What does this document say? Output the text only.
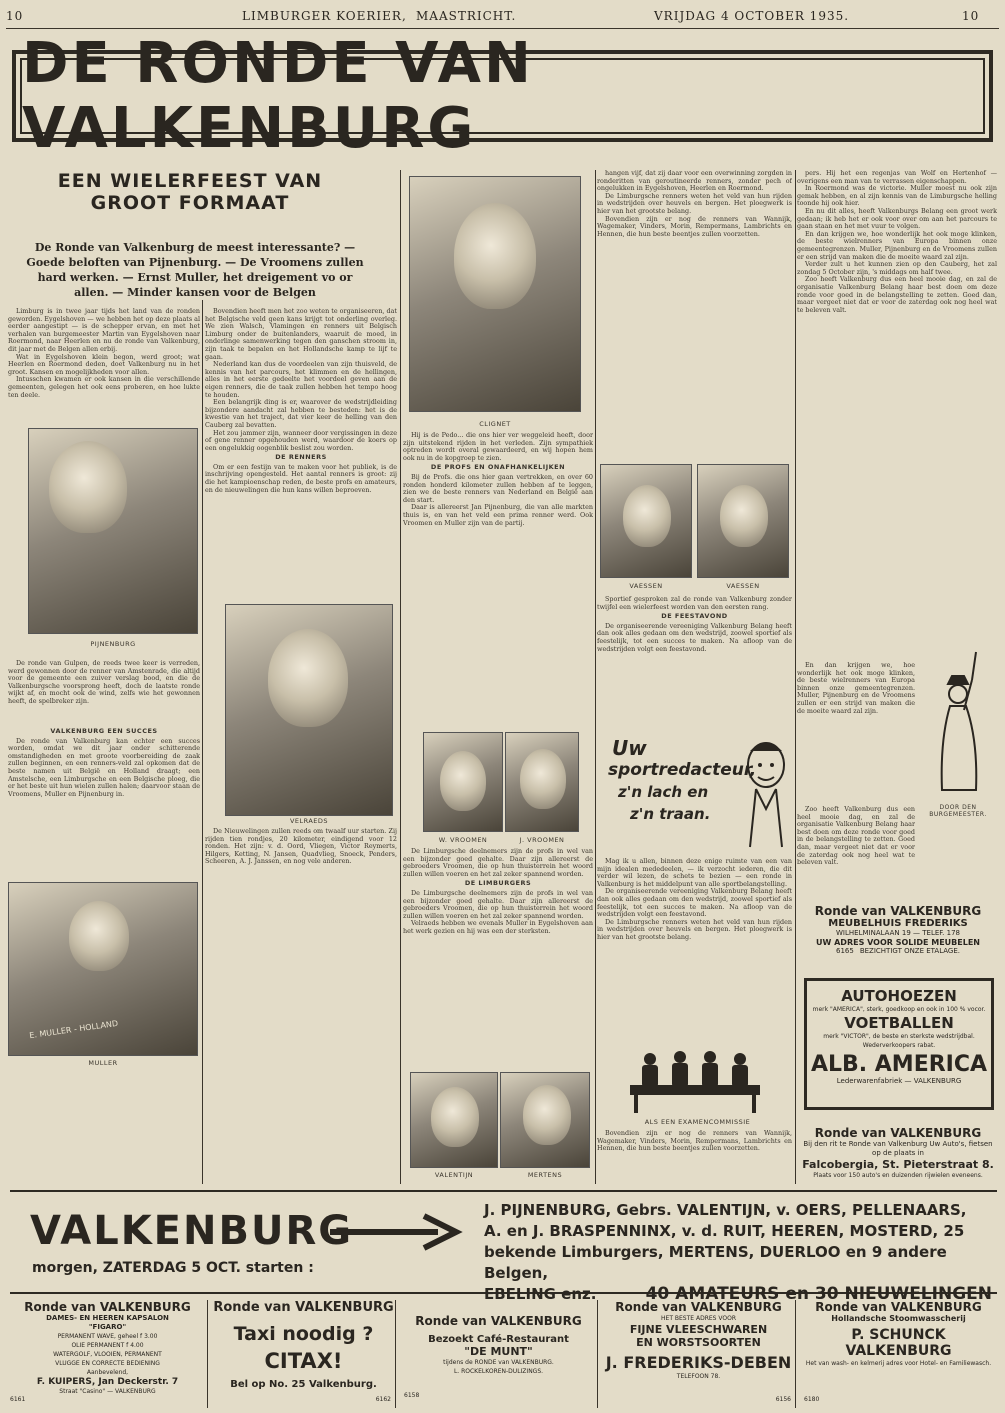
10	LIMBURGER KOERIER, MAASTRICHT.	VRIJDAG 4 OCTOBER 1935.	10
DE RONDE VAN VALKENBURG
EEN WIELERFEEST VAN GROOT FORMAAT
De Ronde van Valkenburg de meest interessante? — Goede beloften van Pijnenburg. — De Vroomens zullen hard werken. — Ernst Muller, het dreigement vo or allen. — Minder kansen voor de Belgen

Limburg is in twee jaar tijds het land van de ronden geworden. Eygelshoven — we hebben het op deze plaats al eerder aangestipt — is de schepper ervan, en met het verhalen van burgemeester Martin van Eygelshoven naar Roermond, naar Heerlen en nu de ronde van Valkenburg, dit jaar met de Belgen allen erbij.

Wat in Eygelshoven klein begon, werd groot; wat Heerlen en Roermond deden, doet Valkenburg nu in het groot. Kansen en mogelijkheden voor allen.

Intusschen kwamen er ook kansen in die verschillende gemeenten, gelegen het ook eens proberen, en hoe lukte ten deele.

PIJNENBURG

De ronde van Gulpen, de reeds twee keer is verreden, werd gewonnen door de renner van Amstenrade, die altijd voor de gemeente een zuiver verslag bood, en die de Valkenburgsche voorsprong heeft, doch de laatste ronde wijkt af, en mocht ook de wind, zelfs wie het gewonnen heeft, de spelbreker zijn.

VALKENBURG EEN SUCCES

De ronde van Valkenburg kan echter een succes worden, omdat we dit jaar onder schitterende omstandigheden en met groote voorbereiding de zaak zullen beginnen, en een renners-veld zal opkomen dat de beste namen uit België en Holland draagt; een Amstelsche, een Limburgsche en een Belgische ploeg, die er het beste uit hun wielen zullen halen; daarvoor staan de Vroomens, Muller en Pijnenburg in.

E. MULLER - HOLLAND
MULLER

Bovendien heeft men het zoo weten te organiseeren, dat het Belgische veld geen kans krijgt tot onderling overleg. We zien Walsch, Vlamingen en renners uit Belgisch Limburg onder de buitenlanders, waaruit de moed, in onderlinge samenwerking tegen den ganschen stroom in, zijn taak te bepalen en het Hollandsche kamp te lijf te gaan.

Nederland kan dus de voordeelen van zijn thuisveld, de kennis van het parcours, het klimmen en de hellingen, alles in het eerste gedeelte het voordeel geven aan de eigen renners, die de taak zullen hebben het tempo hoog te houden.

Een belangrijk ding is er, waarover de wedstrijdleiding bijzondere aandacht zal hebben te besteden: het is de kwestie van het traject, dat vier keer de helling van den Cauberg zal bevatten.

Het zou jammer zijn, wanneer door vergissingen in deze of gene renner opgehouden werd, waardoor de koers op een ongelukkig oogenblik beslist zou worden.

DE RENNERS

Om er een festijn van te maken voor het publiek, is de inschrijving opengesteld. Het aantal renners is groot: zij die het kampioenschap reden, de beste profs en amateurs, en de nieuwelingen die hun kans willen beproeven.

VELRAEDS

De Nieuwelingen zullen reeds om twaalf uur starten. Zij rijden tien rondjes, 20 kilometer, eindigend voor 12 ronden. Het zijn: v. d. Oord, Vliegen, Victor Reymerts, Hilgers, Ketting, N. Jansen, Quadvlieg, Snoeck, Penders, Scheeren, A. J. Janssen, en nog vele anderen.

CLIGNET

Hij is de Pedo... die ons hier ver weggeleid heeft, door zijn uitstekend rijden in het verleden. Zijn sympathiek optreden wordt overal gewaardeerd, en wij hopen hem ook nu in de kopgroep te zien.

DE PROFS EN ONAFHANKELIJKEN

Bij de Profs. die ons hier gaan vertrekken, en over 60 ronden honderd kilometer zullen hebben af te leggen, zien we de beste renners van Nederland en België aan den start.

Daar is allereerst Jan Pijnenburg, die van alle markten thuis is, en van het veld een prima renner werd. Ook Vroomen en Muller zijn van de partij.

W. VROOMEN	J. VROOMEN

De Limburgsche deelnemers zijn de profs in wel van een bijzonder goed gehalte. Daar zijn allereerst de gebroeders Vroomen, die op hun thuisterrein het woord zullen willen voeren en het zal zeker spannend worden.

DE LIMBURGERS

De Limburgsche deelnemers zijn de profs in wel van een bijzonder goed gehalte. Daar zijn allereerst de gebroeders Vroomen, die op hun thuisterrein het woord zullen willen voeren en het zal zeker spannend worden.

Velraeds hebben we evenals Muller in Eygelshoven aan het werk gezien en hij was een der sterksten.

VALENTIJN	MERTENS

hangen vijf, dat zij daar voor een overwinning zorgden in ronderitten van geroutineerde renners, zonder pech of ongelukken in Eygelshoven, Heerlen en Roermond.

De Limburgsche renners weten het veld van hun rijden in wedstrijden over heuvels en bergen. Het ploegwerk is hier van het grootste belang.

Bovendien zijn er nog de renners van Wannijk, Wagemaker, Vinders, Morin, Rempermans, Lambrichts en Hennen, die hun beste beentjes zullen voorzetten.

VAESSEN	VAESSEN

Sportief gesproken zal de ronde van Valkenburg zonder twijfel een wielerfeest worden van den eersten rang.

DE FEESTAVOND

De organiseerende vereeniging Valkenburg Belang heeft dan ook alles gedaan om den wedstrijd, zoowel sportief als feestelijk, tot een succes te maken. Na afloop van de wedstrijden volgt een feestavond.

Uw
sportredacteur,
z'n lach en
z'n traan.

Mag ik u allen, binnen deze enige ruimte van een van mijn idealen mededeelen, — ik verzocht iederen, die dit verder wil lezen, de schets te bezien — een ronde in Valkenburg is het middelpunt van alle sportbelangstelling.

De organiseerende vereeniging Valkenburg Belang heeft dan ook alles gedaan om den wedstrijd, zoowel sportief als feestelijk, tot een succes te maken. Na afloop van de wedstrijden volgt een feestavond.

De Limburgsche renners weten het veld van hun rijden in wedstrijden over heuvels en bergen. Het ploegwerk is hier van het grootste belang.

ALS EEN EXAMENCOMMISSIE

Bovendien zijn er nog de renners van Wannijk, Wagemaker, Vinders, Morin, Rempermans, Lambrichts en Hennen, die hun beste beentjes zullen voorzetten.

pers. Hij het een regenjas van Wolf en Hertenhof — overigens een man van te verrassen eigenschappen.

In Roermond was de victorie. Muller moest nu ook zijn gemak hebben, en al zijn kennis van de Limburgsche helling toonde hij ook hier.

En nu dit alles, heeft Valkenburgs Belang een groot werk gedaan; ik heb het er ook voor over om aan het parcours te gaan staan en het met vuur te volgen.

En dan krijgen we, hoe wonderlijk het ook moge klinken, de beste wielrenners van Europa binnen onze gemeentegrenzen. Muller, Pijnenburg en de Vroomens zullen er een strijd van maken die de moeite waard zal zijn.

Verder zult u het kunnen zien op den Cauberg, het zal zondag 5 October zijn, 's middags om half twee.

Zoo heeft Valkenburg dus een heel mooie dag, en zal de organisatie Valkenburg Belang haar best doen om deze ronde voor goed in de belangstelling te zetten. Goed dan, maar vergeet niet dat er voor de zaterdag ook nog heel wat te beleven valt.

En dan krijgen we, hoe wonderlijk het ook moge klinken, de beste wielrenners van Europa binnen onze gemeentegrenzen. Muller, Pijnenburg en de Vroomens zullen er een strijd van maken die de moeite waard zal zijn.

DOOR DEN BURGEMEESTER.

Zoo heeft Valkenburg dus een heel mooie dag, en zal de organisatie Valkenburg Belang haar best doen om deze ronde voor goed in de belangstelling te zetten. Goed dan, maar vergeet niet dat er voor de zaterdag ook nog heel wat te beleven valt.

Ronde van VALKENBURG
MEUBELHUIS FREDERIKS
WILHELMINALAAN 19 — TELEF. 178
UW ADRES VOOR SOLIDE MEUBELEN
6165 BEZICHTIGT ONZE ETALAGE.
AUTOHOEZEN
merk "AMERICA", sterk, goedkoop en ook in 100 % vocor.
VOETBALLEN
merk "VICTOR", de beste en sterkste wedstrijdbal. Wederverkoopers rabat.
ALB. AMERICA
Lederwarenfabriek — VALKENBURG
Ronde van VALKENBURG
Bij den rit te Ronde van Valkenburg Uw Auto's, fietsen op de plaats in
Falcobergia, St. Pieterstraat 8.
Plaats voor 150 auto's en duizenden rijwielen eveneens.
VALKENBURG
morgen, ZATERDAG 5 OCT. starten :
J. PIJNENBURG, Gebrs. VALENTIJN, v. OERS, PELLENAARS,
A. en J. BRASPENNINX, v. d. RUIT, HEEREN, MOSTERD, 25
bekende Limburgers, MERTENS, DUERLOO en 9 andere Belgen,
EBELING enz.	40 AMATEURS en 30 NIEUWELINGEN
Ronde van VALKENBURG
DAMES- EN HEEREN KAPSALON
"FIGARO"
PERMANENT WAVE, geheel f 3.00
OLIE PERMANENT f 4.00
WATERGOLF, VLOOIEN, PERMANENT
VLUGGE EN CORRECTE BEDIENING
Aanbevelend,
F. KUIPERS, Jan Deckerstr. 7
Straat "Casino" — VALKENBURG
6161
Ronde van VALKENBURG
Taxi noodig ?
CITAX!
Bel op No. 25 Valkenburg.
6162
Ronde van VALKENBURG
Bezoekt Café-Restaurant
"DE MUNT"
tijdens de RONDE van VALKENBURG.
L. ROCKELKOREN-DULIZINGS.
6158
Ronde van VALKENBURG
HET BESTE ADRES VOOR
FIJNE VLEESCHWAREN
EN WORSTSOORTEN
J. FREDERIKS-DEBEN
TELEFOON 78.
6156
Ronde van VALKENBURG
Hollandsche Stoomwasscherij
P. SCHUNCK
VALKENBURG
Het van wash- en kelmerij adres voor Hotel- en Familiewasch.
6180
